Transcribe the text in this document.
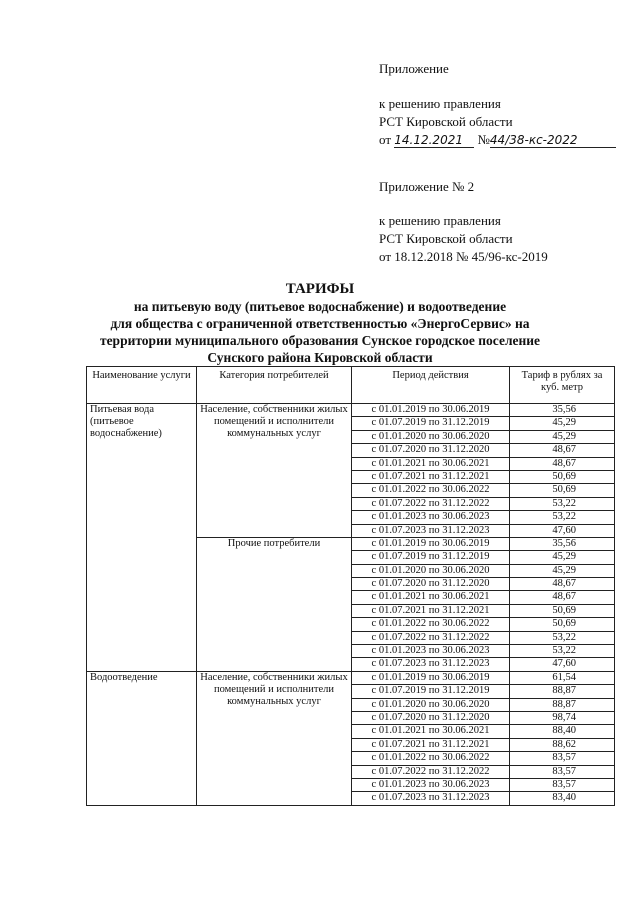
Приложение
к решению правления
РСТ Кировской области
от 14.12.2021 №44/38-кс-2022
Приложение № 2
к решению правления
РСТ Кировской области
от 18.12.2018 № 45/96-кс-2019
ТАРИФЫ
на питьевую воду (питьевое водоснабжение) и водоотведение
для общества с ограниченной ответственностью «ЭнергоСервис» на
территории муниципального образования Сунское городское поселение
Сунского района Кировской области
Наименование услуги	Категория потребителей	Период действия	Тариф в рублях за куб. метр
Питьевая вода (питьевое водоснабжение)	Население, собственники жилых помещений и исполнители коммунальных услуг	с 01.01.2019 по 30.06.2019	35,56
		с 01.07.2019 по 31.12.2019	45,29
		с 01.01.2020 по 30.06.2020	45,29
		с 01.07.2020 по 31.12.2020	48,67
		с 01.01.2021 по 30.06.2021	48,67
		с 01.07.2021 по 31.12.2021	50,69
		с 01.01.2022 по 30.06.2022	50,69
		с 01.07.2022 по 31.12.2022	53,22
		с 01.01.2023 по 30.06.2023	53,22
		с 01.07.2023 по 31.12.2023	47,60
	Прочие потребители	с 01.01.2019 по 30.06.2019	35,56
		с 01.07.2019 по 31.12.2019	45,29
		с 01.01.2020 по 30.06.2020	45,29
		с 01.07.2020 по 31.12.2020	48,67
		с 01.01.2021 по 30.06.2021	48,67
		с 01.07.2021 по 31.12.2021	50,69
		с 01.01.2022 по 30.06.2022	50,69
		с 01.07.2022 по 31.12.2022	53,22
		с 01.01.2023 по 30.06.2023	53,22
		с 01.07.2023 по 31.12.2023	47,60
Водоотведение	Население, собственники жилых помещений и исполнители коммунальных услуг	с 01.01.2019 по 30.06.2019	61,54
		с 01.07.2019 по 31.12.2019	88,87
		с 01.01.2020 по 30.06.2020	88,87
		с 01.07.2020 по 31.12.2020	98,74
		с 01.01.2021 по 30.06.2021	88,40
		с 01.07.2021 по 31.12.2021	88,62
		с 01.01.2022 по 30.06.2022	83,57
		с 01.07.2022 по 31.12.2022	83,57
		с 01.01.2023 по 30.06.2023	83,57
		с 01.07.2023 по 31.12.2023	83,40
